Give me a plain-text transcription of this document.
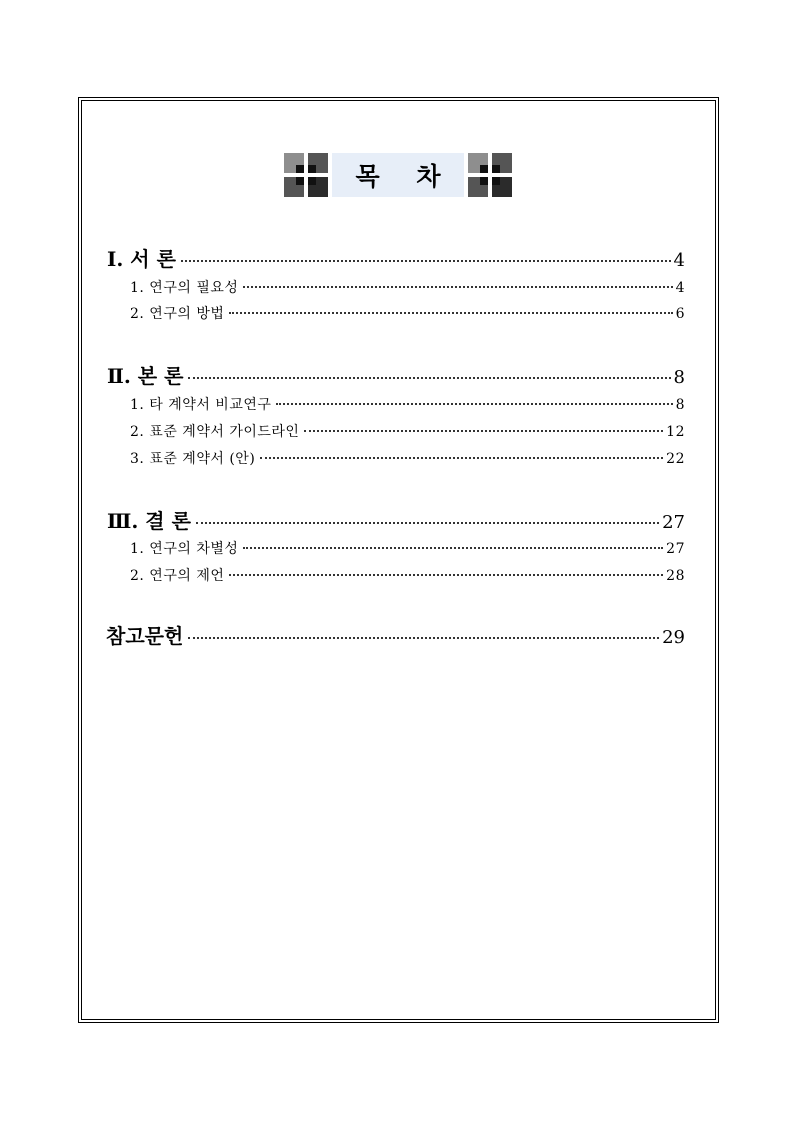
목 차
Ⅰ. 서 론	4
1. 연구의 필요성	4
2. 연구의 방법	6
Ⅱ. 본 론	8
1. 타 계약서 비교연구	8
2. 표준 계약서 가이드라인	12
3. 표준 계약서 (안)	22
Ⅲ. 결 론	27
1. 연구의 차별성	27
2. 연구의 제언	28
참고문헌	29
